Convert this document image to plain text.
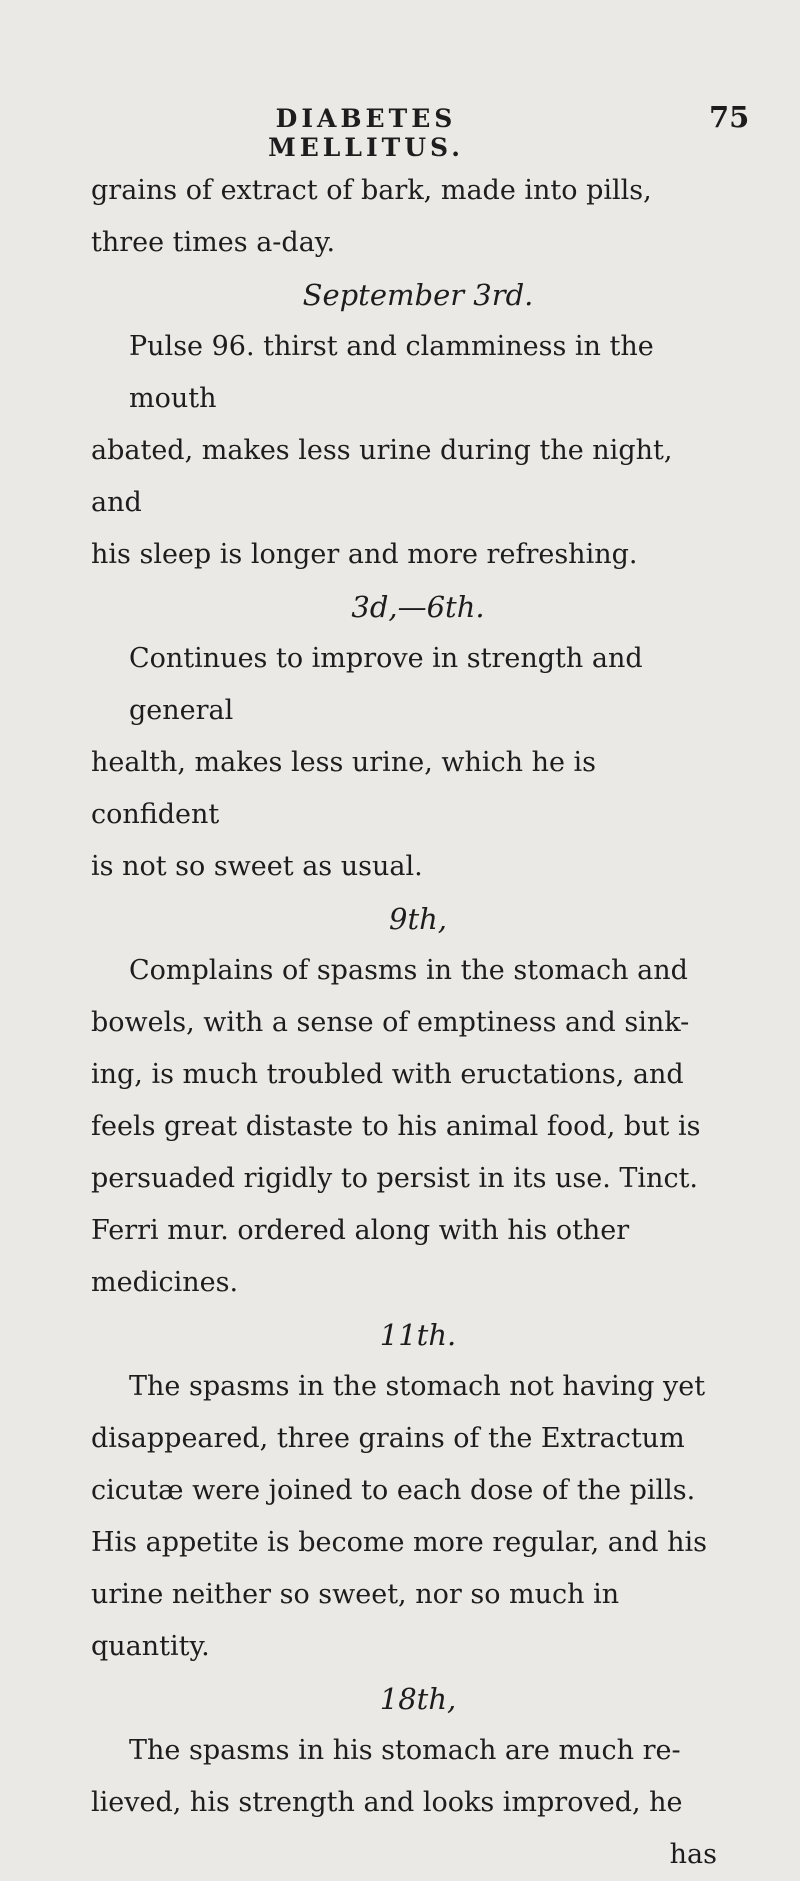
DIABETES MELLITUS.
75
grains of extract of bark, made into pills,
three times a-day.
September 3rd.
Pulse 96. thirst and clamminess in the mouth
abated, makes less urine during the night, and
his sleep is longer and more refreshing.
3d,—6th.
Continues to improve in strength and general
health, makes less urine, which he is confident
is not so sweet as usual.
9th,
Complains of spasms in the stomach and
bowels, with a sense of emptiness and sink-
ing, is much troubled with eructations, and
feels great distaste to his animal food, but is
persuaded rigidly to persist in its use. Tinct.
Ferri mur. ordered along with his other
medicines.
11th.
The spasms in the stomach not having yet
disappeared, three grains of the Extractum
cicutæ were joined to each dose of the pills.
His appetite is become more regular, and his
urine neither so sweet, nor so much in quantity.
18th,
The spasms in his stomach are much re-
lieved, his strength and looks improved, he
has
